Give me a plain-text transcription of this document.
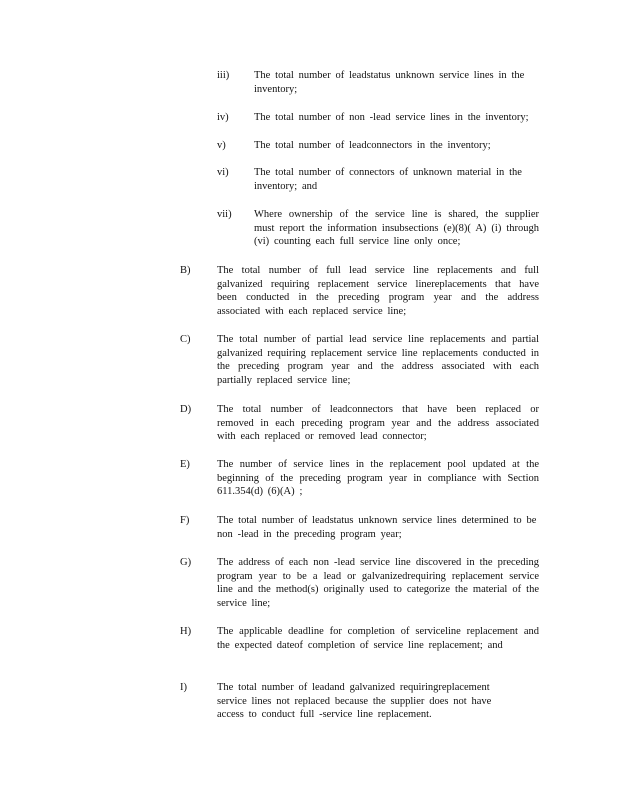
iii) The total number of leadstatus unknown service lines in the inventory;
iv) The total number of non -lead service lines in the inventory;
v)	The total number of leadconnectors in the inventory;
vi) The total number of connectors of unknown material in the inventory; and
vii) Where ownership of the service line is shared, the supplier must report the information insubsections (e)(8)( A) (i) through (vi) counting each full service line only once;
B)	The total number of full lead service line replacements and full galvanized requiring replacement service linereplacements that have been conducted in the preceding program year and the address associated with each replaced service line;
C)	The total number of partial lead service line replacements and partial galvanized requiring replacement service line replacements conducted in the preceding program year and the address associated with each partially replaced service line;
D) The total number of leadconnectors that have been replaced or removed in each preceding program year and the address associated with each replaced or removed lead connector;
E)	The number of service lines in the replacement pool updated at the beginning of the preceding program year in compliance with Section 611.354(d) (6)(A) ;
F)	The total number of leadstatus unknown service lines determined to be non -lead in the preceding program year;
G) The address of each non -lead service line discovered in the preceding program year to be a lead or galvanizedrequiring replacement service line and the method(s) originally used to categorize the material of the service line;
H) The applicable deadline for completion of serviceline replacement and the expected dateof completion of service line replacement; and
I)	The total number of leadand galvanized requiringreplacement service lines not replaced because the supplier does not have access to conduct full -service line replacement.
